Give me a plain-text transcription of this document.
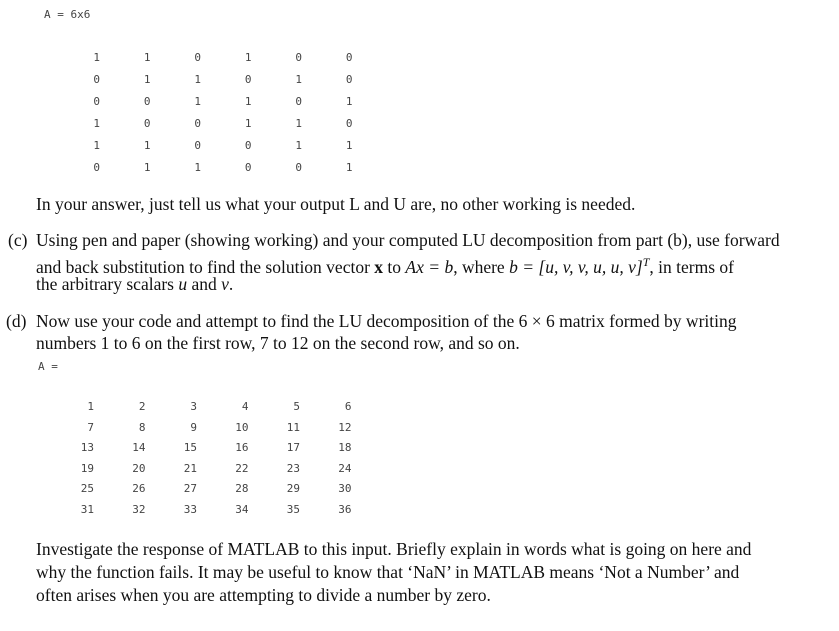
A = 6x6
1	1	0	1	0	0
0	1	1	0	1	0
0	0	1	1	0	1
1	0	0	1	1	0
1	1	0	0	1	1
0	1	1	0	0	1
In your answer, just tell us what your output L and U are, no other working is needed.
(c) Using pen and paper (showing working) and your computed LU decomposition from part (b), use forward
and back substitution to find the solution vector x to Ax = b, where b = [u, v, v, u, u, v]$^T$, in terms of
the arbitrary scalars u and v.
(d) Now use your code and attempt to find the LU decomposition of the 6 × 6 matrix formed by writing
numbers 1 to 6 on the first row, 7 to 12 on the second row, and so on.
A =
1	2	3	4	5	6
7	8	9	10	11	12
13	14	15	16	17	18
19	20	21	22	23	24
25	26	27	28	29	30
31	32	33	34	35	36
Investigate the response of MATLAB to this input. Briefly explain in words what is going on here and
why the function fails. It may be useful to know that ‘NaN’ in MATLAB means ‘Not a Number’ and
often arises when you are attempting to divide a number by zero.
